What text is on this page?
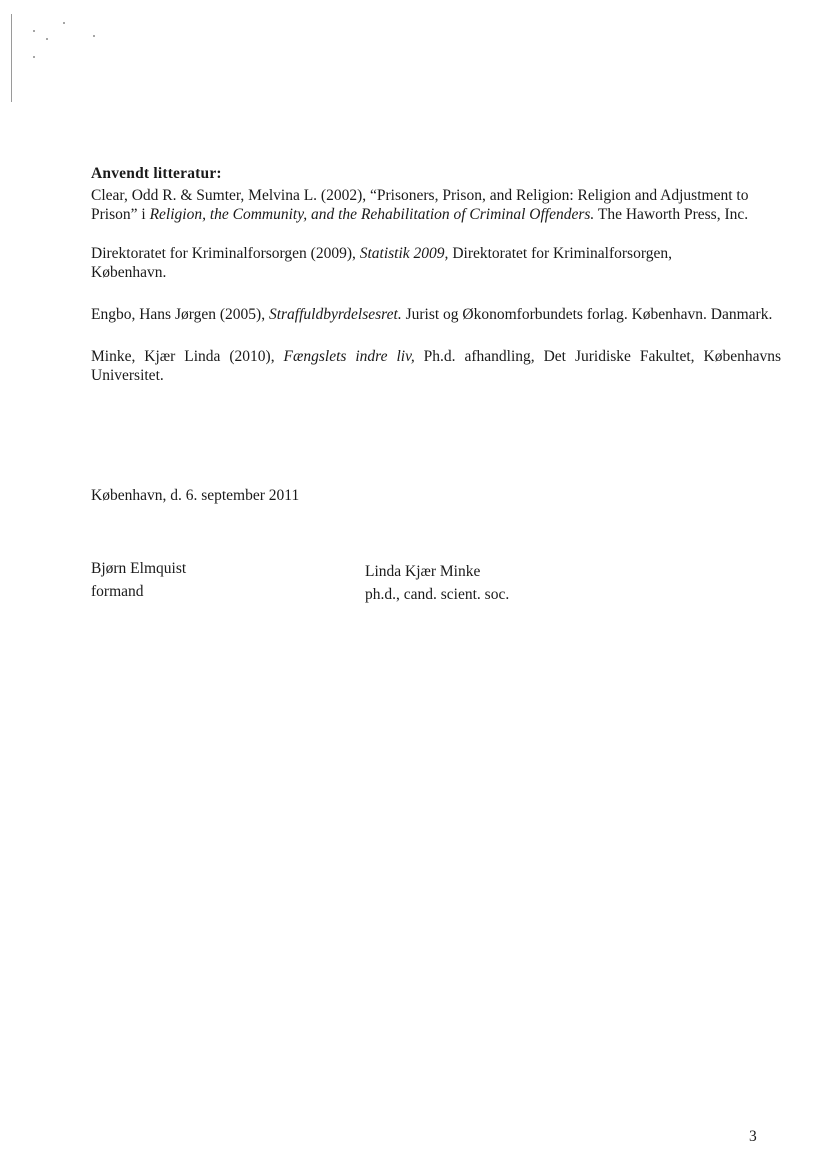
Anvendt litteratur:

Clear, Odd R. & Sumter, Melvina L. (2002), “Prisoners, Prison, and Religion: Religion and Adjustment to Prison” i Religion, the Community, and the Rehabilitation of Criminal Offenders. The Haworth Press, Inc.

Direktoratet for Kriminalforsorgen (2009), Statistik 2009, Direktoratet for Kriminalforsorgen, København.

Engbo, Hans Jørgen (2005), Straffuldbyrdelsesret. Jurist og Økonomforbundets forlag. København. Danmark.

Minke, Kjær Linda (2010), Fængslets indre liv, Ph.d. afhandling, Det Juridiske Fakultet, Københavns Universitet.

København, d. 6. september 2011
Bjørn Elmquist
formand
Linda Kjær Minke
ph.d., cand. scient. soc.
3
